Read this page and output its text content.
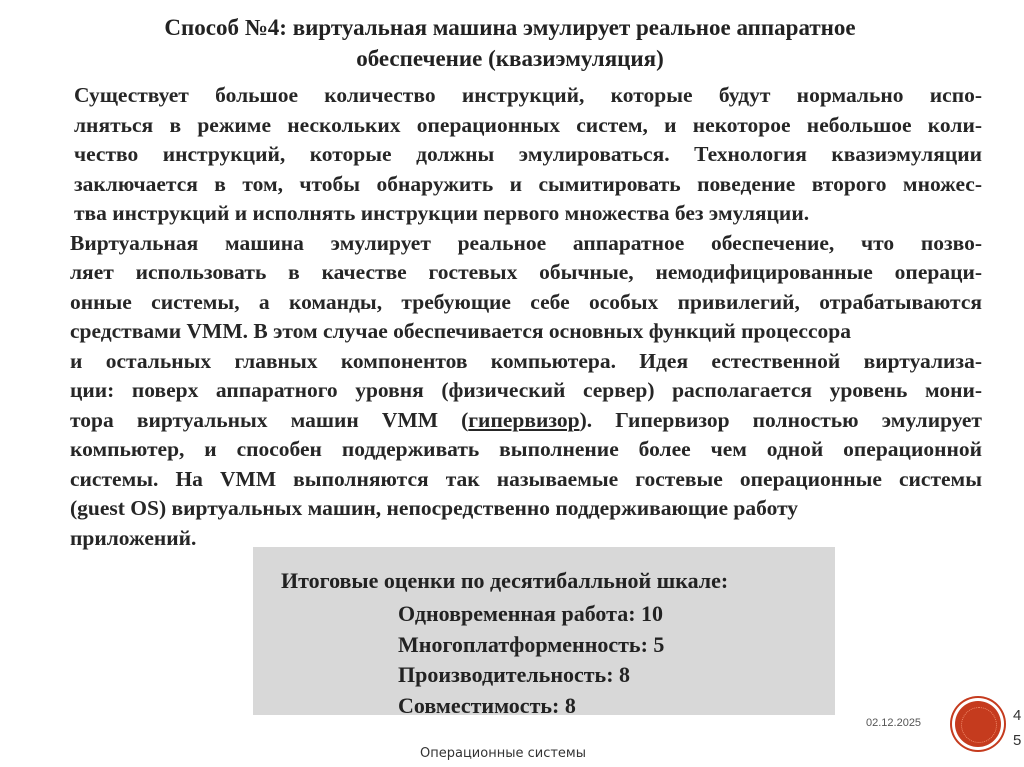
Способ №4: виртуальная машина эмулирует реальное аппаратное
обеспечение (квазиэмуляция)

Существует большое количество инструкций, которые будут нормально испо-
лняться в режиме нескольких операционных систем, и некоторое небольшое коли-
чество инструкций, которые должны эмулироваться. Технология квазиэмуляции
заключается в том, чтобы обнаружить и сымитировать поведение второго множес-
тва инструкций и исполнять инструкции первого множества без эмуляции.

Виртуальная машина эмулирует реальное аппаратное обеспечение, что позво-
ляет использовать в качестве гостевых обычные, немодифицированные операци-
онные системы, а команды, требующие себе особых привилегий, отрабатываются
средствами VMM. В этом случае обеспечивается основных функций процессора
и остальных главных компонентов компьютера. Идея естественной виртуализа-
ции: поверх аппаратного уровня (физический сервер) располагается уровень мони-
тора виртуальных машин VMM (гипервизор). Гипервизор полностью эмулирует
компьютер, и способен поддерживать выполнение более чем одной операционной
системы. На VMM выполняются так называемые гостевые операционные системы
(guest OS) виртуальных машин, непосредственно поддерживающие работу
приложений.

Итоговые оценки по десятибалльной шкале:
Одновременная работа: 10
Многоплатформенность: 5
Производительность: 8
Совместимость: 8
02.12.2025
Операционные системы
4
5
